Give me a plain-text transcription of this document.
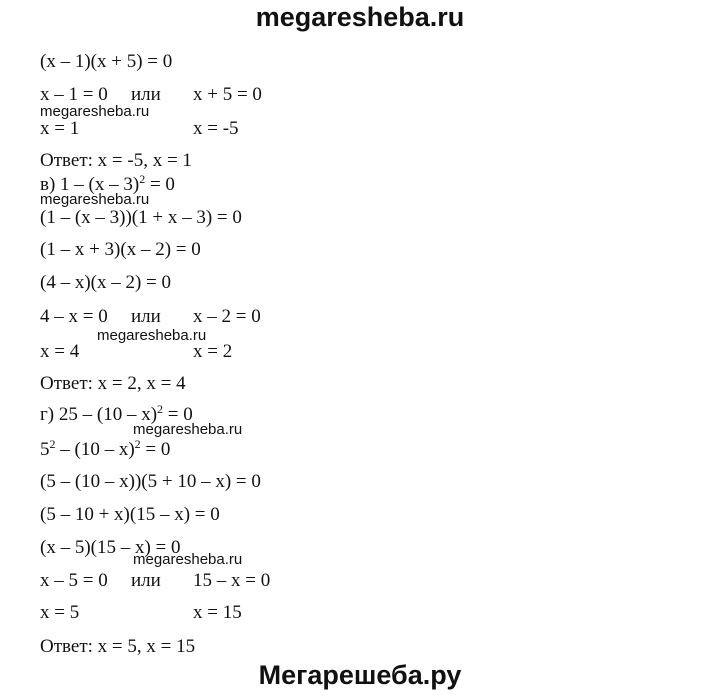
megaresheba.ru
(x – 1)(x + 5) = 0
x – 1 = 0 или x + 5 = 0
megaresheba.ru
x = 1	x = -5
Ответ: x = -5, x = 1
в) 1 – (x – 3)$^2$ = 0
megaresheba.ru
(1 – (x – 3))(1 + x – 3) = 0
(1 – x + 3)(x – 2) = 0
(4 – x)(x – 2) = 0
4 – x = 0 или x – 2 = 0
megaresheba.ru
x = 4	x = 2
Ответ: x = 2, x = 4
г) 25 – (10 – x)$^2$ = 0
megaresheba.ru
$5^2 - (10 - x)^2 = 0$
(5 – (10 – x))(5 + 10 – x) = 0
(5 – 10 + x)(15 – x) = 0
(x – 5)(15 – x) = 0
megaresheba.ru
x – 5 = 0 или 15 – x = 0
x = 5	x = 15
Ответ: x = 5, x = 15
Мегарешеба.ру
